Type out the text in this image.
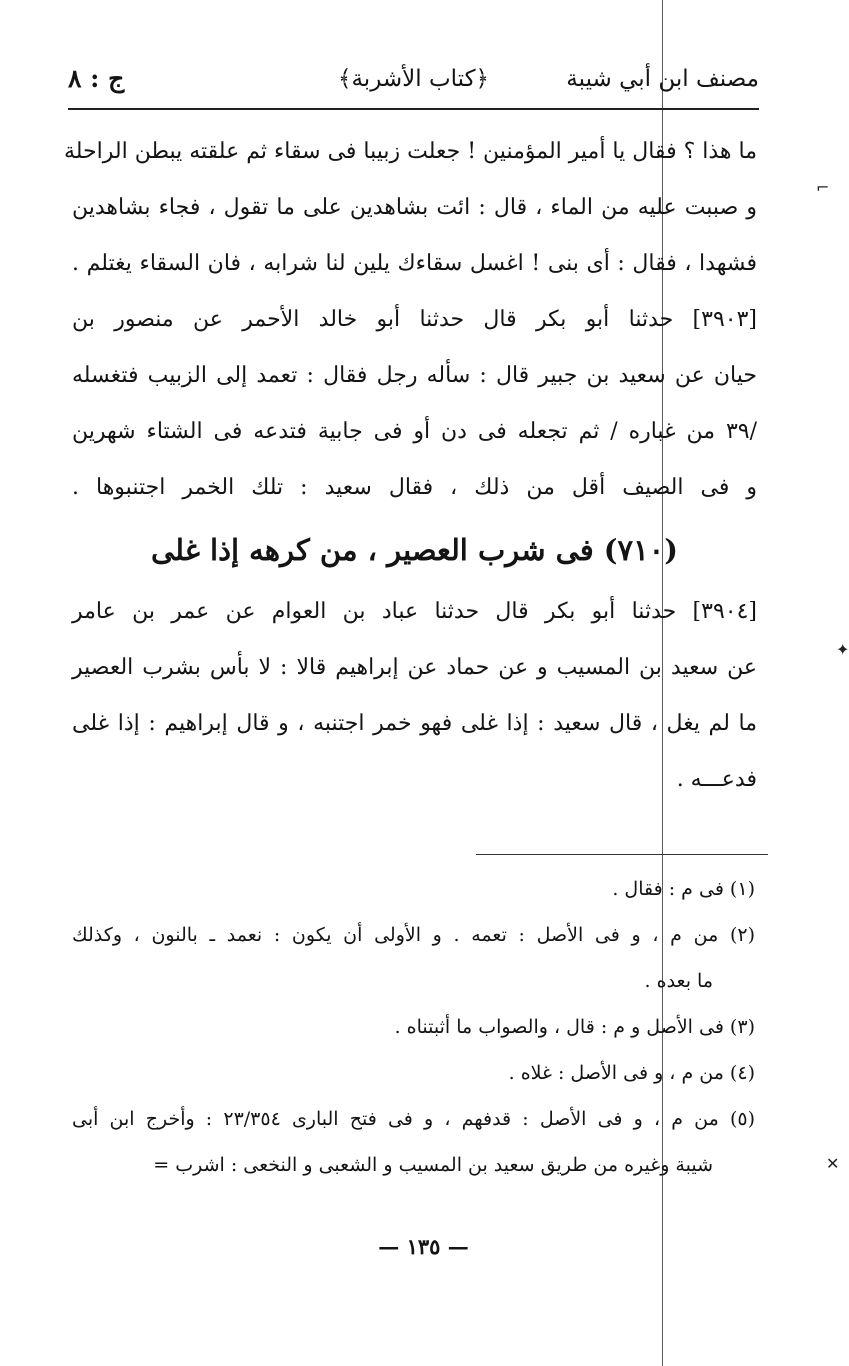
⌐
✦
✕
مصنف ابن أبي شيبة
﴿كتاب الأشربة﴾
ج : ٨
ما هذا ؟ فقال يا أمير المؤمنين ! جعلت زبيبا فى سقاء ثم علقته يبطن الراحلة
و صببت عليه من الماء ، قال : ائت بشاهدين على ما تقول ، فجاء بشاهدين
فشهدا ، فقال : أى بنى ! اغسل سقاءك يلين لنا شرابه ، فان السقاء يغتلم .
[٣٩٠٣] حدثنا أبو بكر قال حدثنا أبو خالد الأحمر عن منصور بن
حيان عن سعيد بن جبير قال : سأله رجل فقال : تعمد إلى الزبيب فتغسله
/٣٩ من غباره / ثم تجعله فى دن أو فى جابية فتدعه فى الشتاء شهرين
و فى الصيف أقل من ذلك ، فقال سعيد : تلك الخمر اجتنبوها .
(٧١٠) فى شرب العصير ، من كرهه إذا غلى
[٣٩٠٤] حدثنا أبو بكر قال حدثنا عباد بن العوام عن عمر بن عامر
عن سعيد بن المسيب و عن حماد عن إبراهيم قالا : لا بأس بشرب العصير
ما لم يغل ، قال سعيد : إذا غلى فهو خمر اجتنبه ، و قال إبراهيم : إذا غلى
فدعـــه .
(١) فى م : فقال .
(٢) من م ، و فى الأصل : تعمه . و الأولى أن يكون : نعمد ـ بالنون ، وكذلك
ما بعده .
(٣) فى الأصل و م : قال ، والصواب ما أثبتناه .
(٤) من م ، و فى الأصل : غلاه .
(٥) من م ، و فى الأصل : قدفهم ، و فى فتح البارى ٢٣/٣٥٤ : وأخرج ابن أبى
شيبة وغيره من طريق سعيد بن المسيب و الشعبى و النخعى : اشرب =
— ١٣٥ —
